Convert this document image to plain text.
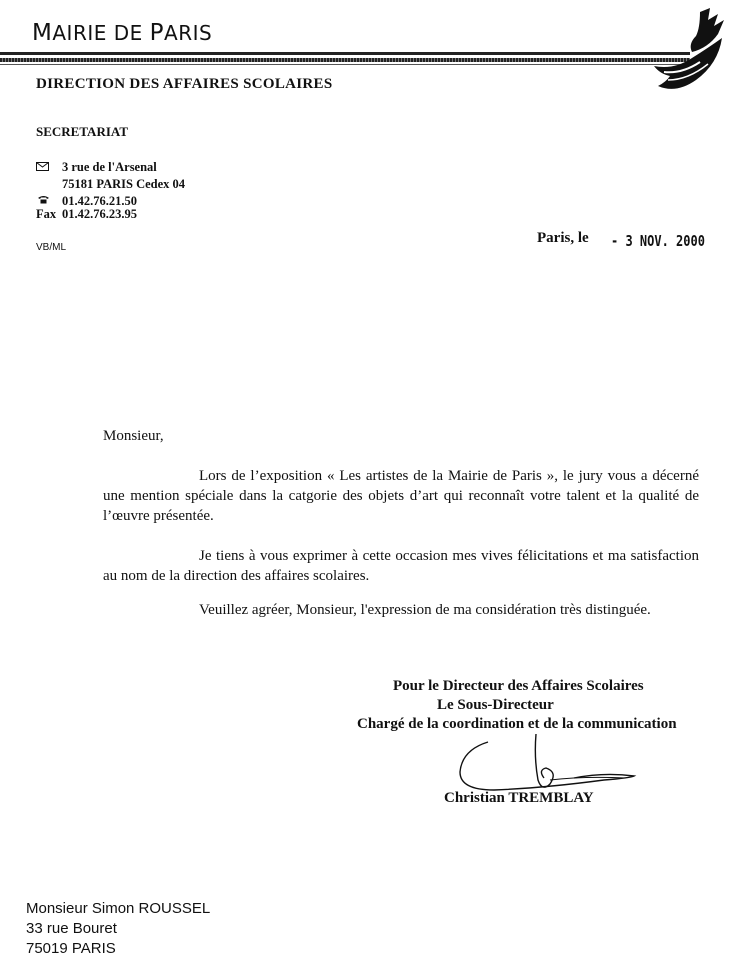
MAIRIE DE PARIS
DIRECTION DES AFFAIRES SCOLAIRES
SECRETARIAT
3 rue de l'Arsenal
75181 PARIS Cedex 04
01.42.76.21.50
Fax 01.42.76.23.95
VB/ML
Paris, le - 3 NOV. 2000
Monsieur,
Lors de l’exposition « Les artistes de la Mairie de Paris », le jury vous a décerné une mention spéciale dans la catgorie des objets d’art qui reconnaît votre talent et la qualité de l’œuvre présentée.
Je tiens à vous exprimer à cette occasion mes vives félicitations et ma satisfaction au nom de la direction des affaires scolaires.
Veuillez agréer, Monsieur, l'expression de ma considération très distinguée.
Pour le Directeur des Affaires Scolaires
Le Sous-Directeur
Chargé de la coordination et de la communication
Christian TREMBLAY
Monsieur Simon ROUSSEL
33 rue Bouret
75019 PARIS
